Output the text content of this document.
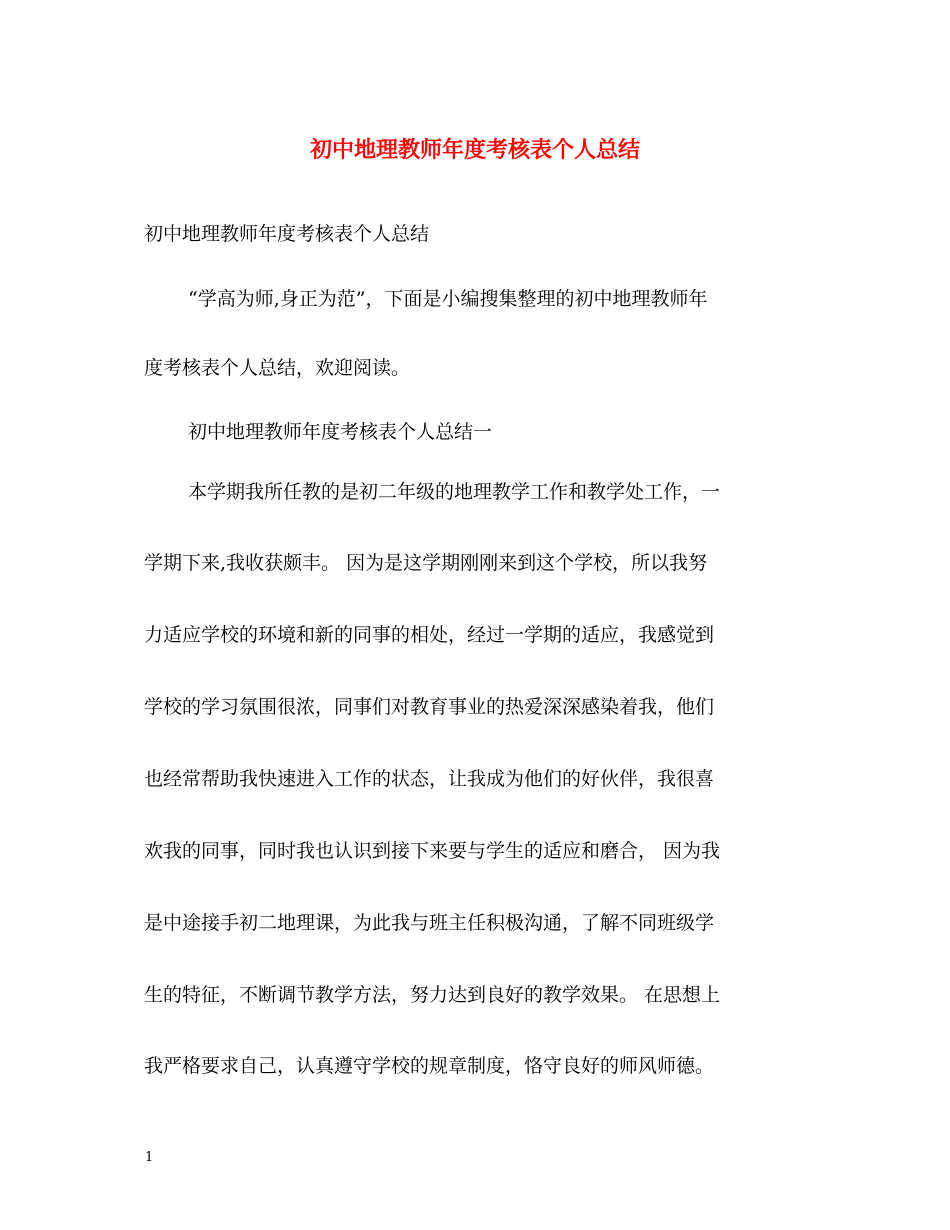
初中地理教师年度考核表个人总结
初中地理教师年度考核表个人总结
“学高为师,身正为范”，下面是小编搜集整理的初中地理教师年
度考核表个人总结，欢迎阅读。
初中地理教师年度考核表个人总结一
本学期我所任教的是初二年级的地理教学工作和教学处工作，一
学期下来,我收获颇丰。 因为是这学期刚刚来到这个学校，所以我努
力适应学校的环境和新的同事的相处，经过一学期的适应，我感觉到
学校的学习氛围很浓，同事们对教育事业的热爱深深感染着我，他们
也经常帮助我快速进入工作的状态，让我成为他们的好伙伴，我很喜
欢我的同事，同时我也认识到接下来要与学生的适应和磨合， 因为我
是中途接手初二地理课，为此我与班主任积极沟通，了解不同班级学
生的特征，不断调节教学方法，努力达到良好的教学效果。 在思想上
我严格要求自己，认真遵守学校的规章制度，恪守良好的师风师德。
1
